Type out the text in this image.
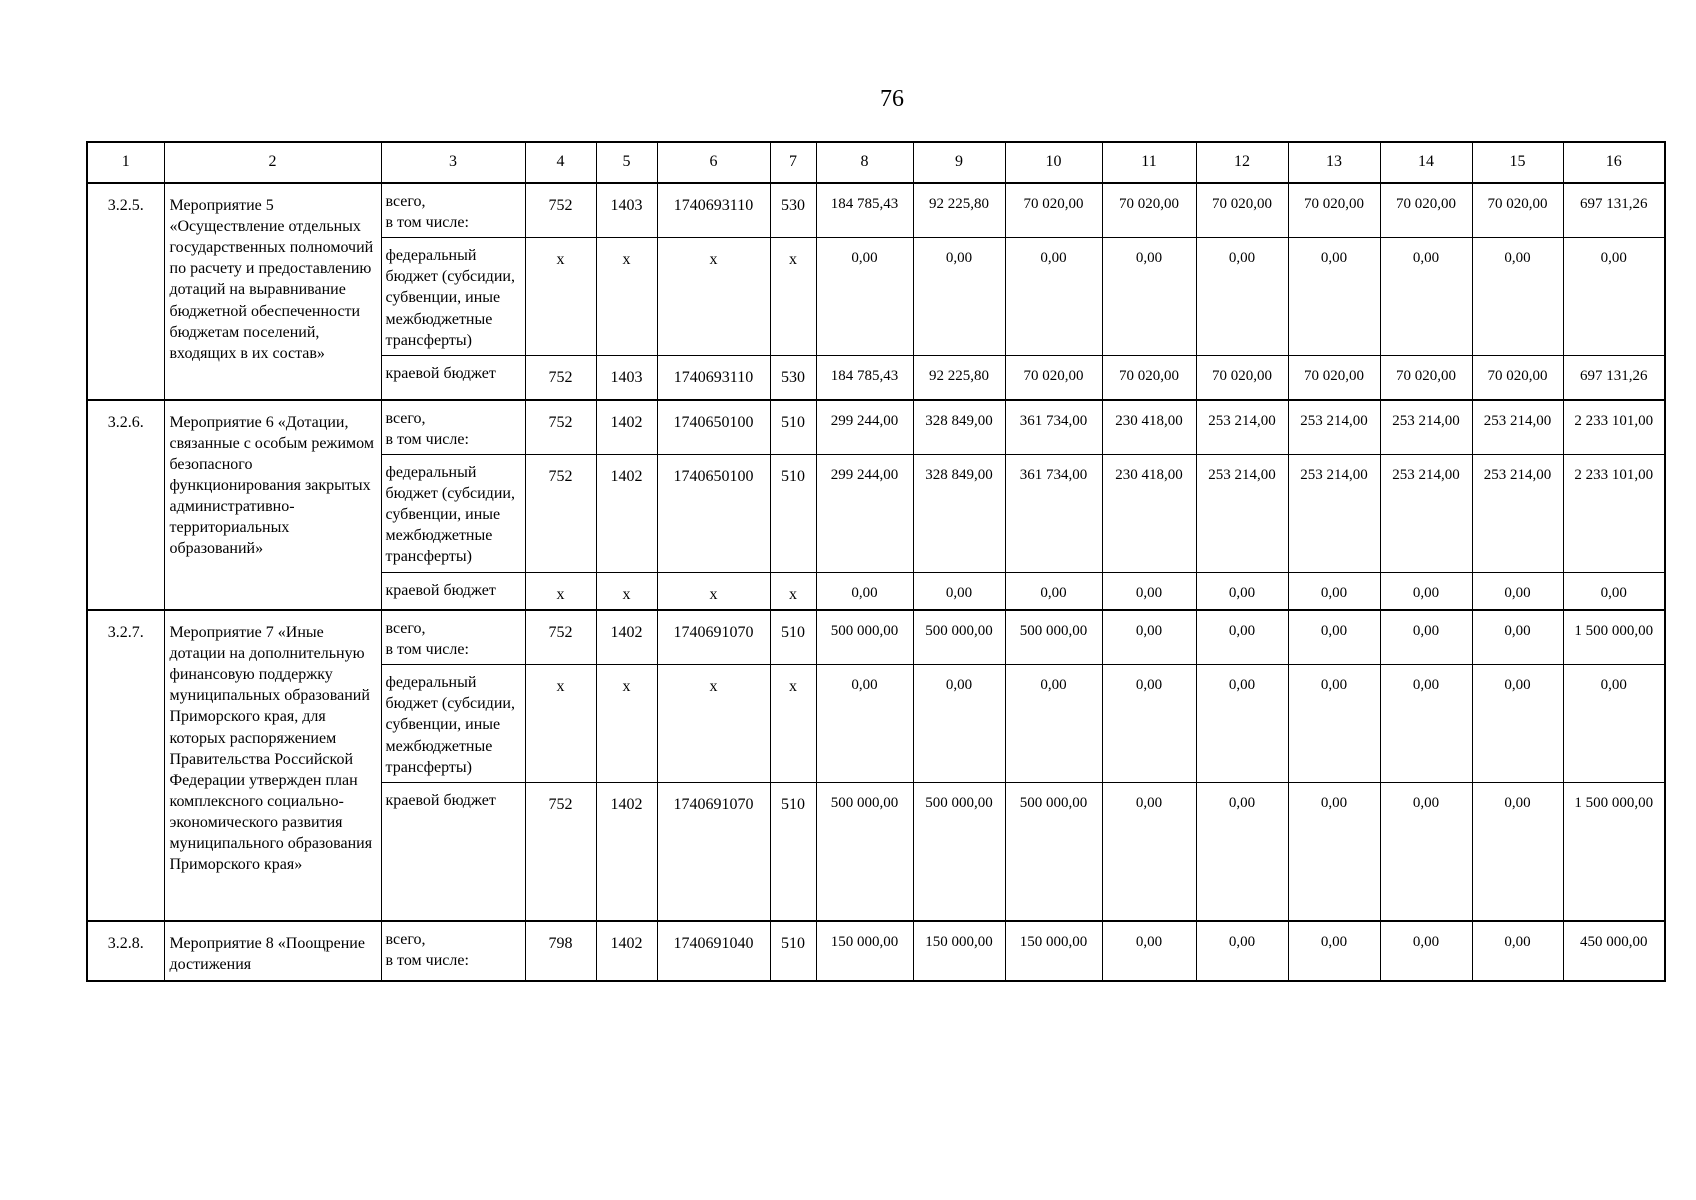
76
1	2	3	4	5	6	7	8	9	10	11	12	13	14	15	16
3.2.5.	Мероприятие 5 «Осуществление отдельных государственных полномочий по расчету и предоставлению дотаций на выравнивание бюджетной обеспеченности бюджетам поселений, входящих в их состав»	всего,
в том числе:	752	1403	1740693110	530	184 785,43	92 225,80	70 020,00	70 020,00	70 020,00	70 020,00	70 020,00	70 020,00	697 131,26
		федеральный бюджет (субсидии, субвенции, иные межбюджетные трансферты)	х	х	х	х	0,00	0,00	0,00	0,00	0,00	0,00	0,00	0,00	0,00
		краевой бюджет	752	1403	1740693110	530	184 785,43	92 225,80	70 020,00	70 020,00	70 020,00	70 020,00	70 020,00	70 020,00	697 131,26
3.2.6.	Мероприятие 6 «Дотации, связанные с особым режимом безопасного функционирования закрытых административно-территориальных образований»	всего,
в том числе:	752	1402	1740650100	510	299 244,00	328 849,00	361 734,00	230 418,00	253 214,00	253 214,00	253 214,00	253 214,00	2 233 101,00
		федеральный бюджет (субсидии, субвенции, иные межбюджетные трансферты)	752	1402	1740650100	510	299 244,00	328 849,00	361 734,00	230 418,00	253 214,00	253 214,00	253 214,00	253 214,00	2 233 101,00
		краевой бюджет	х	х	х	х	0,00	0,00	0,00	0,00	0,00	0,00	0,00	0,00	0,00
3.2.7.	Мероприятие 7 «Иные дотации на дополнительную финансовую поддержку муниципальных образований Приморского края, для которых распоряжением Правительства Российской Федерации утвержден план комплексного социально-экономического развития муниципального образования Приморского края»	всего,
в том числе:	752	1402	1740691070	510	500 000,00	500 000,00	500 000,00	0,00	0,00	0,00	0,00	0,00	1 500 000,00
		федеральный бюджет (субсидии, субвенции, иные межбюджетные трансферты)	х	х	х	х	0,00	0,00	0,00	0,00	0,00	0,00	0,00	0,00	0,00
		краевой бюджет	752	1402	1740691070	510	500 000,00	500 000,00	500 000,00	0,00	0,00	0,00	0,00	0,00	1 500 000,00
3.2.8.	Мероприятие 8 «Поощрение достижения	всего,
в том числе:	798	1402	1740691040	510	150 000,00	150 000,00	150 000,00	0,00	0,00	0,00	0,00	0,00	450 000,00
